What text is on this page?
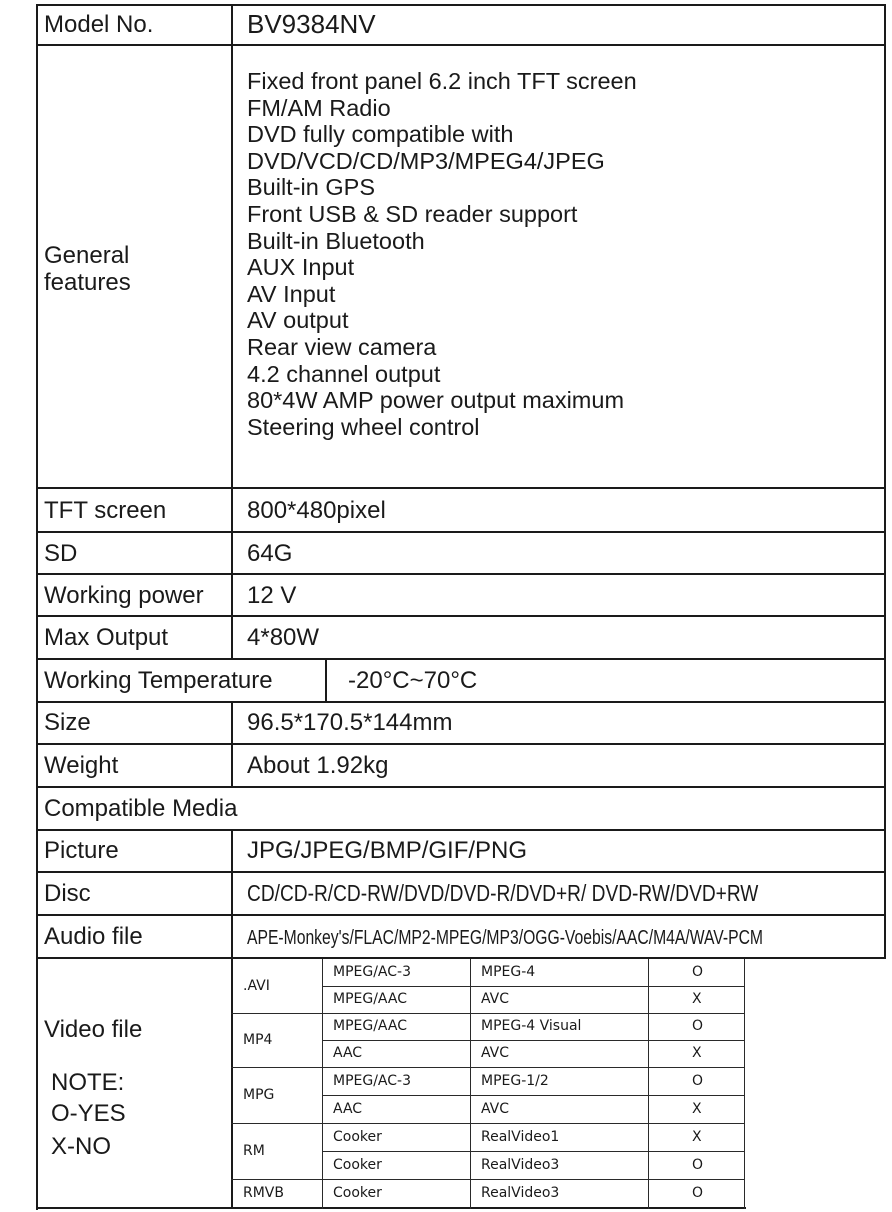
Model No.	BV9384NV
General
features
Fixed front panel 6.2 inch TFT screen
FM/AM Radio
DVD fully compatible with
DVD/VCD/CD/MP3/MPEG4/JPEG
Built-in GPS
Front USB & SD reader support
Built-in Bluetooth
AUX Input
AV Input
AV output
Rear view camera
4.2 channel output
80*4W AMP power output maximum
Steering wheel control
TFT screen	800*480pixel
SD	64G
Working power 12 V
Max Output	4*80W
Working Temperature	-20°C~70°C
Size	96.5*170.5*144mm
Weight	About 1.92kg
Compatible Media
Picture	JPG/JPEG/BMP/GIF/PNG
Disc	CD/CD-R/CD-RW/DVD/DVD-R/DVD+R/ DVD-RW/DVD+RW
Audio file	APE-Monkey's/FLAC/MP2-MPEG/MP3/OGG-Voebis/AAC/M4A/WAV-PCM
Video file
NOTE:
O-YES
X-NO
.AVI
MPEG/AC-3	MPEG-4	O
MPEG/AAC	AVC	X
MP4
MPEG/AAC	MPEG-4 Visual	O
AAC	AVC	X
MPG
MPEG/AC-3	MPEG-1/2	O
AAC	AVC	X
RM
Cooker	RealVideo1	X
Cooker	RealVideo3	O
RMVB	Cooker	RealVideo3	O
